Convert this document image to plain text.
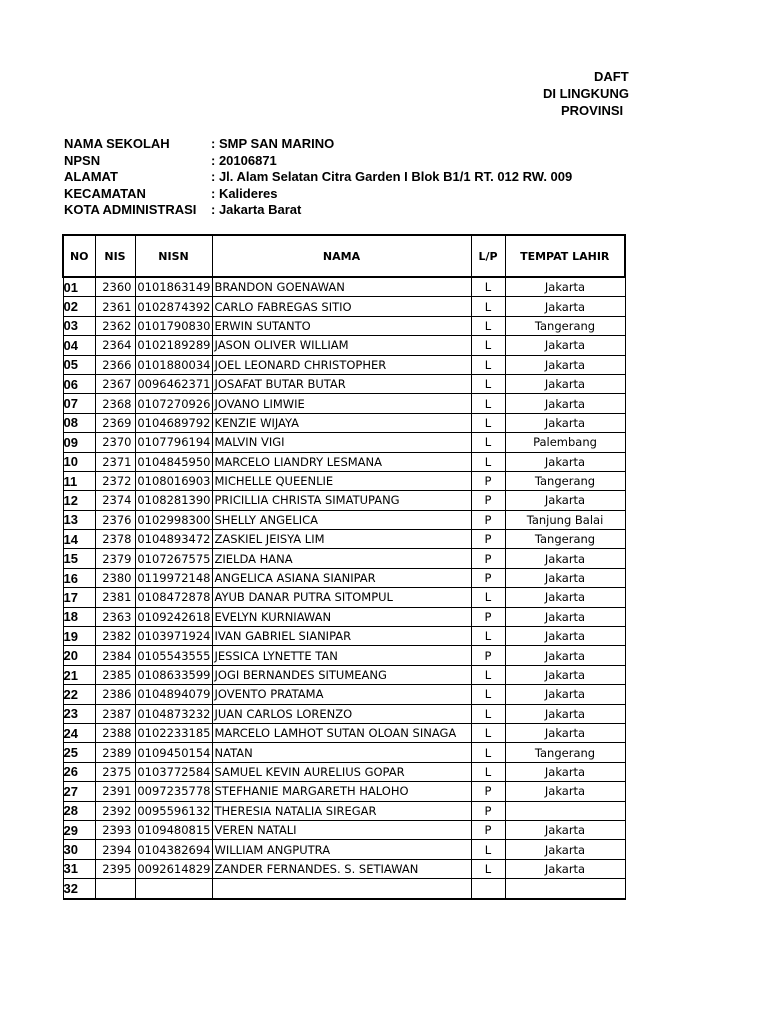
DAFT
DI LINGKUNG
PROVINSI
NAMA SEKOLAH	: SMP SAN MARINO
NPSN	: 20106871
ALAMAT	: Jl. Alam Selatan Citra Garden I Blok B1/1 RT. 012 RW. 009
KECAMATAN	: Kalideres
KOTA ADMINISTRASI	: Jakarta Barat
NO	NIS	NISN	NAMA	L/P	TEMPAT LAHIR
01	2360	0101863149	BRANDON GOENAWAN	L	Jakarta
02	2361	0102874392	CARLO FABREGAS SITIO	L	Jakarta
03	2362	0101790830	ERWIN SUTANTO	L	Tangerang
04	2364	0102189289	JASON OLIVER WILLIAM	L	Jakarta
05	2366	0101880034	JOEL LEONARD CHRISTOPHER	L	Jakarta
06	2367	0096462371	JOSAFAT BUTAR BUTAR	L	Jakarta
07	2368	0107270926	JOVANO LIMWIE	L	Jakarta
08	2369	0104689792	KENZIE WIJAYA	L	Jakarta
09	2370	0107796194	MALVIN VIGI	L	Palembang
10	2371	0104845950	MARCELO LIANDRY LESMANA	L	Jakarta
11	2372	0108016903	MICHELLE QUEENLIE	P	Tangerang
12	2374	0108281390	PRICILLIA CHRISTA SIMATUPANG	P	Jakarta
13	2376	0102998300	SHELLY ANGELICA	P	Tanjung Balai
14	2378	0104893472	ZASKIEL JEISYA LIM	P	Tangerang
15	2379	0107267575	ZIELDA HANA	P	Jakarta
16	2380	0119972148	ANGELICA ASIANA SIANIPAR	P	Jakarta
17	2381	0108472878	AYUB DANAR PUTRA SITOMPUL	L	Jakarta
18	2363	0109242618	EVELYN KURNIAWAN	P	Jakarta
19	2382	0103971924	IVAN GABRIEL SIANIPAR	L	Jakarta
20	2384	0105543555	JESSICA LYNETTE TAN	P	Jakarta
21	2385	0108633599	JOGI BERNANDES SITUMEANG	L	Jakarta
22	2386	0104894079	JOVENTO PRATAMA	L	Jakarta
23	2387	0104873232	JUAN CARLOS LORENZO	L	Jakarta
24	2388	0102233185	MARCELO LAMHOT SUTAN OLOAN SINAGA	L	Jakarta
25	2389	0109450154	NATAN	L	Tangerang
26	2375	0103772584	SAMUEL KEVIN AURELIUS GOPAR	L	Jakarta
27	2391	0097235778	STEFHANIE MARGARETH HALOHO	P	Jakarta
28	2392	0095596132	THERESIA NATALIA SIREGAR	P	
29	2393	0109480815	VEREN NATALI	P	Jakarta
30	2394	0104382694	WILLIAM ANGPUTRA	L	Jakarta
31	2395	0092614829	ZANDER FERNANDES. S. SETIAWAN	L	Jakarta
32					
